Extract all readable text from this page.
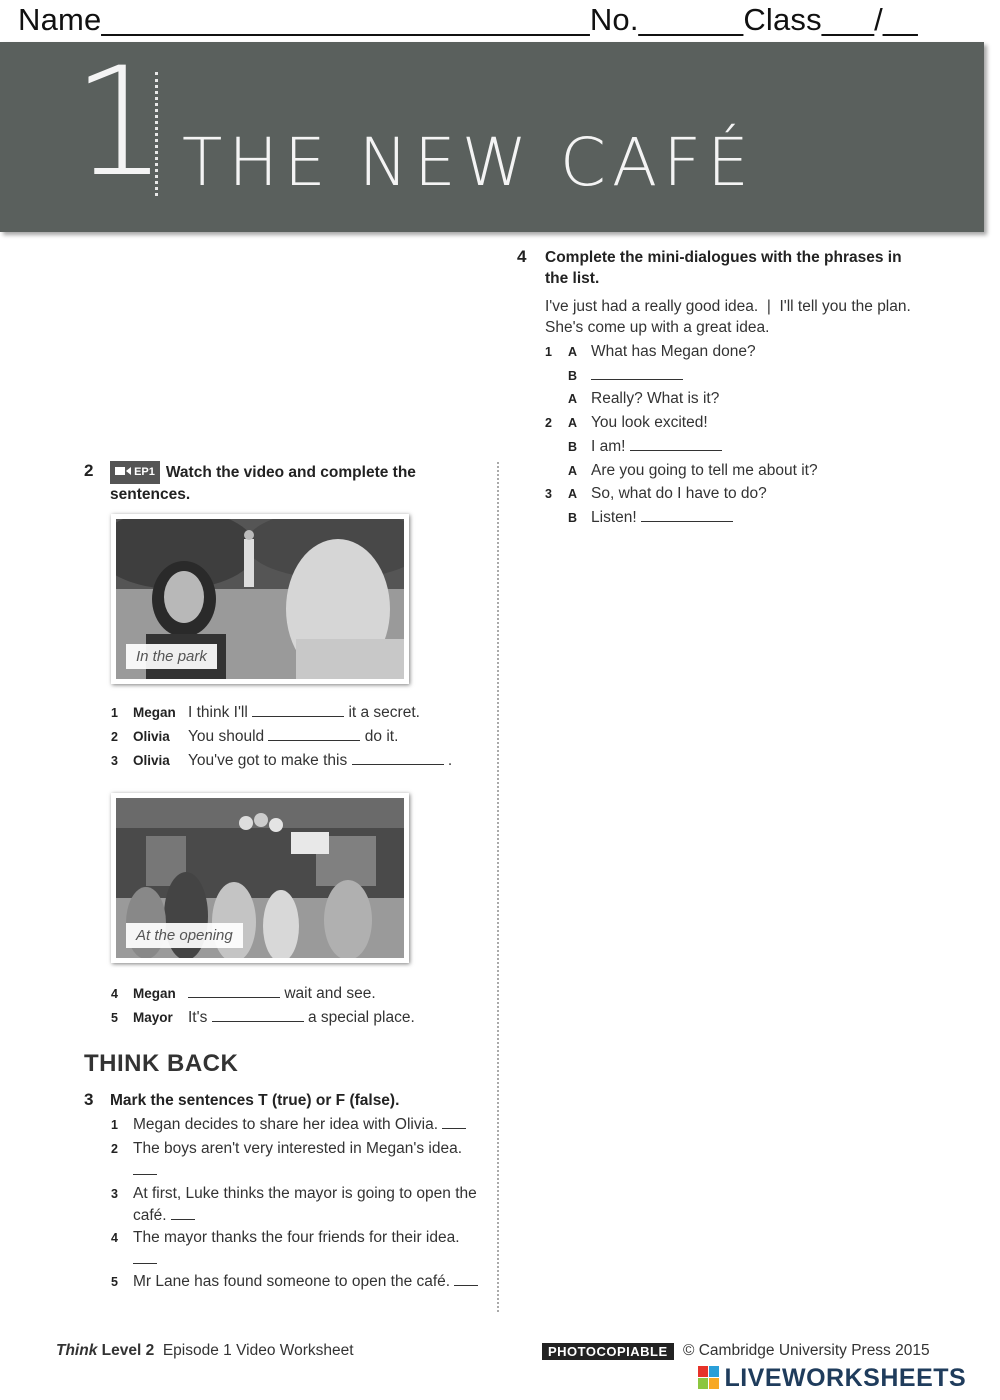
Name____________________________No.______Class___/__
1 THE NEW CAFÉ
2	EP1 Watch the video and complete the
sentences.
In the park
1 Megan I think I'll	it a secret.
2 Olivia You should	do it.
3 Olivia You've got to make this	.
At the opening
4 Megan	wait and see.
5 Mayor It's	a special place.
THINK BACK
3 Mark the sentences T (true) or F (false).
1 Megan decides to share her idea with Olivia.
2 The boys aren't very interested in Megan's idea.

3 At first, Luke thinks the mayor is going to open the
café.
4 The mayor thanks the four friends for their idea.

5 Mr Lane has found someone to open the café.
4 Complete the mini-dialogues with the phrases in
the list.
I've just had a really good idea.  |  I'll tell you the plan.
She's come up with a great idea.
1 A What has Megan done?
B
A Really? What is it?
2 A You look excited!
B I am!
A Are you going to tell me about it?
3 A So, what do I have to do?
B Listen!
Think Level 2 Episode 1 Video Worksheet	PHOTOCOPIABLE © Cambridge University Press 2015
LIVEWORKSHEETS
